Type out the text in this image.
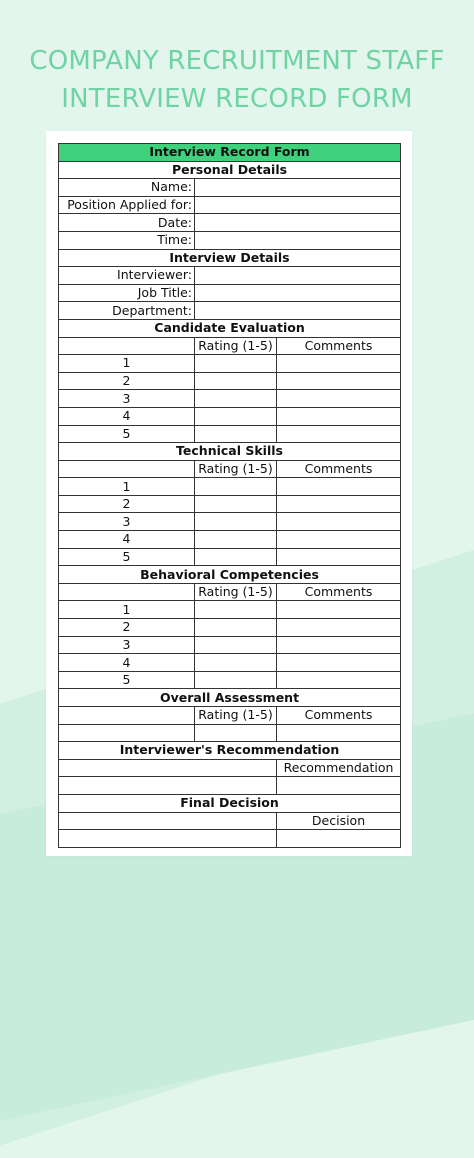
COMPANY RECRUITMENT STAFF
INTERVIEW RECORD FORM
Interview Record Form		
Personal Details		
Name:		
Position Applied for:		
Date:		
Time:		
Interview Details		
Interviewer:		
Job Title:		
Department:		
Candidate Evaluation		
	Rating (1-5)	Comments
1		
2		
3		
4		
5		
Technical Skills		
	Rating (1-5)	Comments
1		
2		
3		
4		
5		
Behavioral Competencies		
	Rating (1-5)	Comments
1		
2		
3		
4		
5		
Overall Assessment		
	Rating (1-5)	Comments

Interviewer's Recommendation		
		Recommendation

Final Decision		
		Decision
